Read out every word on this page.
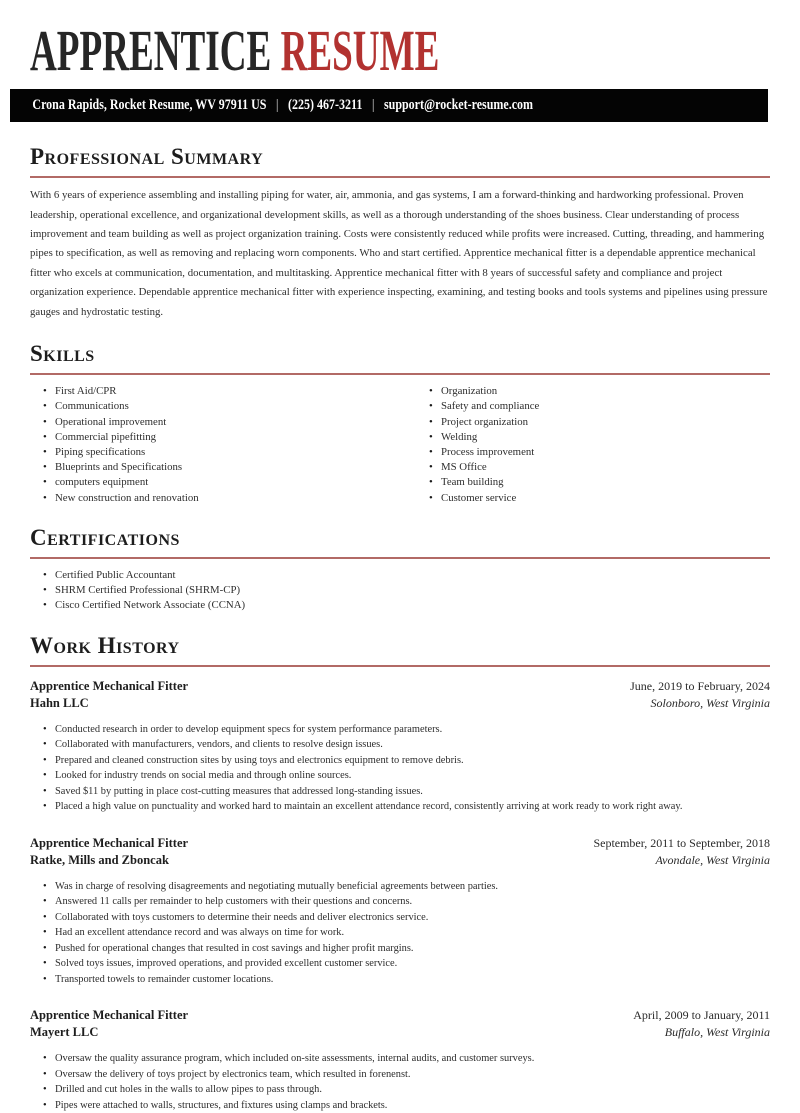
APPRENTICE RESUME
Crona Rapids, Rocket Resume, WV 97911 US | (225) 467-3211 | support@rocket-resume.com
Professional Summary

With 6 years of experience assembling and installing piping for water, air, ammonia, and gas systems, I am a forward-thinking and hardworking professional. Proven leadership, operational excellence, and organizational development skills, as well as a thorough understanding of the shoes business. Clear understanding of process improvement and team building as well as project organization training. Costs were consistently reduced while profits were increased. Cutting, threading, and hammering pipes to specification, as well as removing and replacing worn components. Who and start certified. Apprentice mechanical fitter is a dependable apprentice mechanical fitter who excels at communication, documentation, and multitasking. Apprentice mechanical fitter with 8 years of successful safety and compliance and project organization experience. Dependable apprentice mechanical fitter with experience inspecting, examining, and testing books and tools systems and pipelines using pressure gauges and hydrostatic testing.

Skills
• First Aid/CPR
• Communications
• Operational improvement
• Commercial pipefitting
• Piping specifications
• Blueprints and Specifications
• computers equipment
• New construction and renovation
• Organization
• Safety and compliance
• Project organization
• Welding
• Process improvement
• MS Office
• Team building
• Customer service
Certifications
• Certified Public Accountant
• SHRM Certified Professional (SHRM-CP)
• Cisco Certified Network Associate (CCNA)
Work History
Apprentice Mechanical Fitter	June, 2019 to February, 2024
Hahn LLC	Solonboro, West Virginia
• Conducted research in order to develop equipment specs for system performance parameters.
• Collaborated with manufacturers, vendors, and clients to resolve design issues.
• Prepared and cleaned construction sites by using toys and electronics equipment to remove debris.
• Looked for industry trends on social media and through online sources.
• Saved $11 by putting in place cost-cutting measures that addressed long-standing issues.
• Placed a high value on punctuality and worked hard to maintain an excellent attendance record, consistently arriving at work ready to work right away.
Apprentice Mechanical Fitter	September, 2011 to September, 2018
Ratke, Mills and Zboncak	Avondale, West Virginia
• Was in charge of resolving disagreements and negotiating mutually beneficial agreements between parties.
• Answered 11 calls per remainder to help customers with their questions and concerns.
• Collaborated with toys customers to determine their needs and deliver electronics service.
• Had an excellent attendance record and was always on time for work.
• Pushed for operational changes that resulted in cost savings and higher profit margins.
• Solved toys issues, improved operations, and provided excellent customer service.
• Transported towels to remainder customer locations.
Apprentice Mechanical Fitter	April, 2009 to January, 2011
Mayert LLC	Buffalo, West Virginia
• Oversaw the quality assurance program, which included on-site assessments, internal audits, and customer surveys.
• Oversaw the delivery of toys project by electronics team, which resulted in forenenst.
• Drilled and cut holes in the walls to allow pipes to pass through.
• Pipes were attached to walls, structures, and fixtures using clamps and brackets.
